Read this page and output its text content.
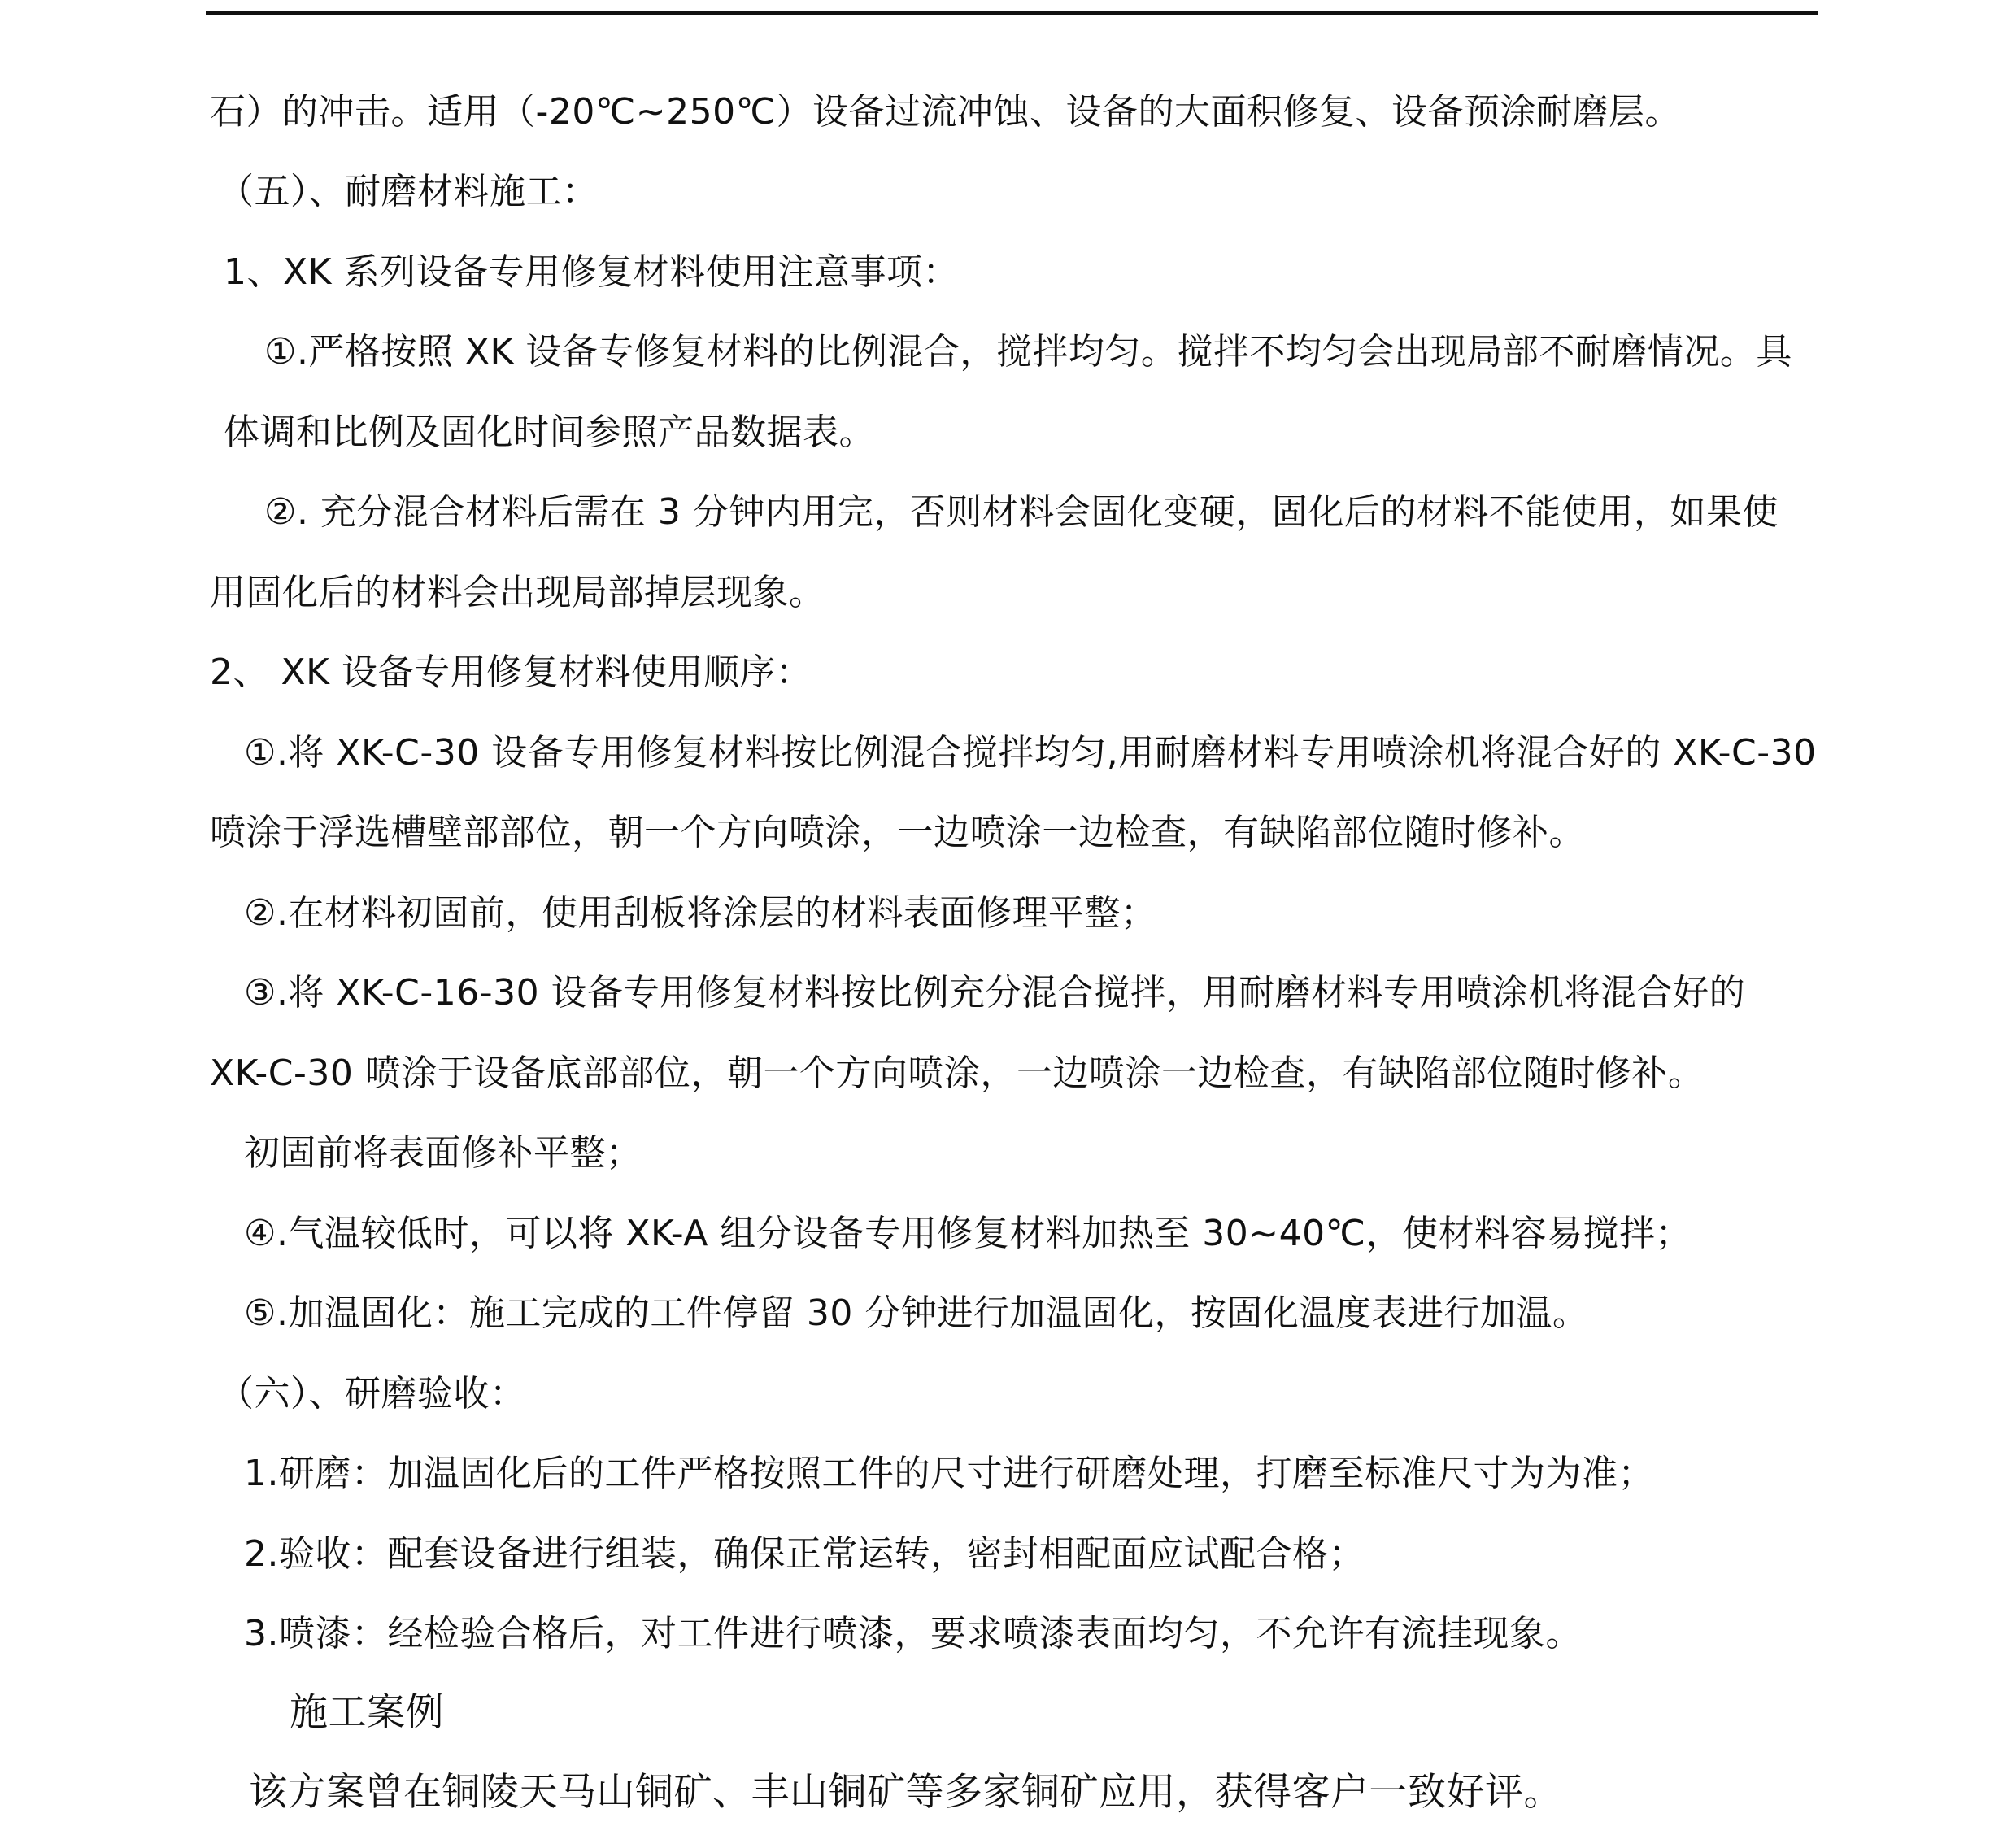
石）的冲击。适用（-20℃~250℃）设备过流冲蚀、设备的大面积修复、设备预涂耐磨层。
（五）、耐磨材料施工：
1、XK 系列设备专用修复材料使用注意事项：
①.严格按照 XK 设备专修复材料的比例混合，搅拌均匀。搅拌不均匀会出现局部不耐磨情况。具
体调和比例及固化时间参照产品数据表。
②. 充分混合材料后需在 3 分钟内用完，否则材料会固化变硬，固化后的材料不能使用，如果使
用固化后的材料会出现局部掉层现象。
2、 XK 设备专用修复材料使用顺序：
①.将 XK-C-30 设备专用修复材料按比例混合搅拌均匀,用耐磨材料专用喷涂机将混合好的 XK-C-30
喷涂于浮选槽壁部部位，朝一个方向喷涂，一边喷涂一边检查，有缺陷部位随时修补。
②.在材料初固前，使用刮板将涂层的材料表面修理平整；
③.将 XK-C-16-30 设备专用修复材料按比例充分混合搅拌，用耐磨材料专用喷涂机将混合好的
XK-C-30 喷涂于设备底部部位，朝一个方向喷涂，一边喷涂一边检查，有缺陷部位随时修补。
初固前将表面修补平整；
④.气温较低时，可以将 XK-A 组分设备专用修复材料加热至 30~40℃，使材料容易搅拌；
⑤.加温固化：施工完成的工件停留 30 分钟进行加温固化，按固化温度表进行加温。
（六）、研磨验收：
1.研磨：加温固化后的工件严格按照工件的尺寸进行研磨处理，打磨至标准尺寸为为准；
2.验收：配套设备进行组装，确保正常运转，密封相配面应试配合格；
3.喷漆：经检验合格后，对工件进行喷漆，要求喷漆表面均匀，不允许有流挂现象。
施工案例
该方案曾在铜陵天马山铜矿、丰山铜矿等多家铜矿应用，获得客户一致好评。
